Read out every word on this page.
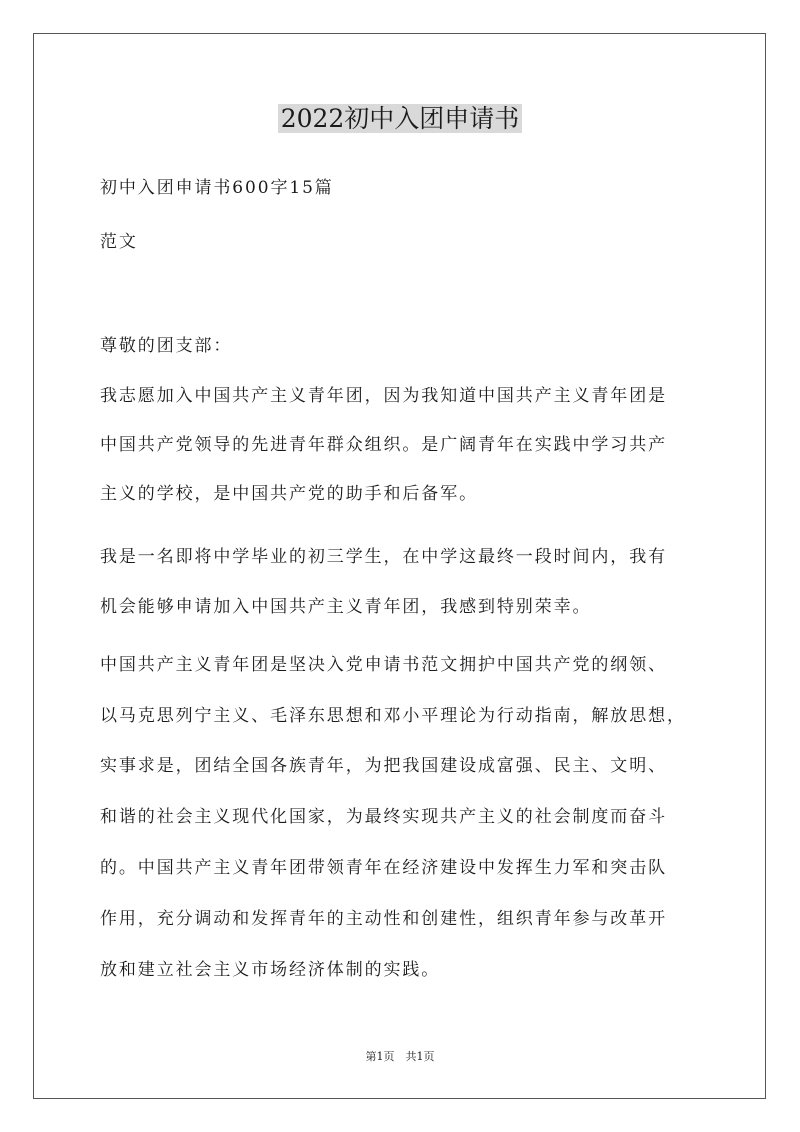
2022初中入团申请书

初中入团申请书600字15篇

范文

尊敬的团支部：

我志愿加入中国共产主义青年团，因为我知道中国共产主义青年团是

中国共产党领导的先进青年群众组织。是广阔青年在实践中学习共产

主义的学校，是中国共产党的助手和后备军。

我是一名即将中学毕业的初三学生，在中学这最终一段时间内，我有

机会能够申请加入中国共产主义青年团，我感到特别荣幸。

中国共产主义青年团是坚决入党申请书范文拥护中国共产党的纲领、

以马克思列宁主义、毛泽东思想和邓小平理论为行动指南，解放思想，

实事求是，团结全国各族青年，为把我国建设成富强、民主、文明、

和谐的社会主义现代化国家，为最终实现共产主义的社会制度而奋斗

的。中国共产主义青年团带领青年在经济建设中发挥生力军和突击队

作用，充分调动和发挥青年的主动性和创建性，组织青年参与改革开

放和建立社会主义市场经济体制的实践。

第1页 共1页
